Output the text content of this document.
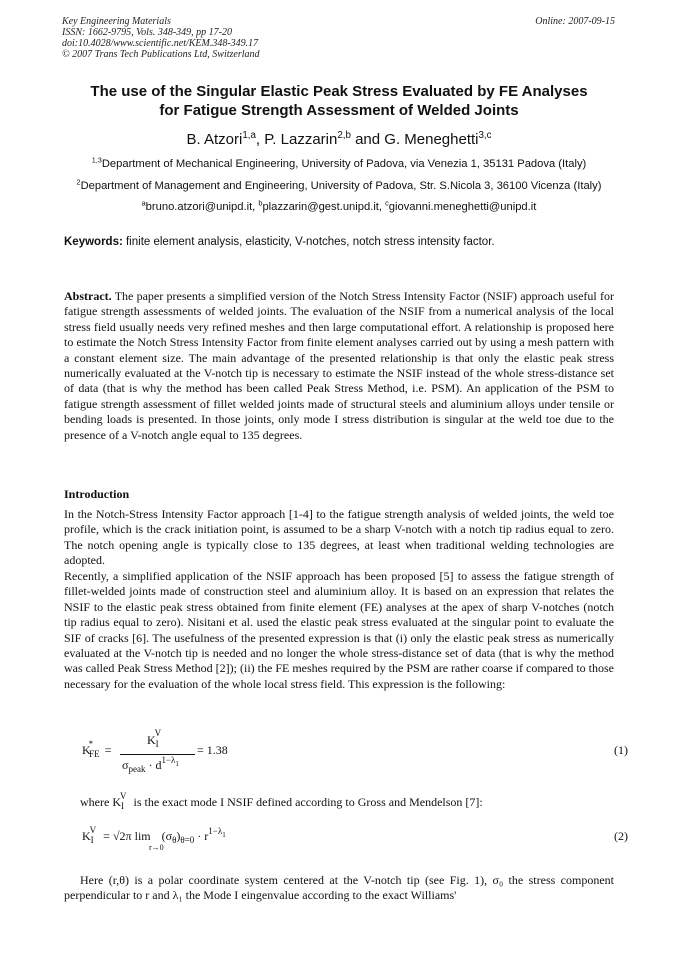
Key Engineering Materials
ISSN: 1662-9795, Vols. 348-349, pp 17-20
doi:10.4028/www.scientific.net/KEM.348-349.17
© 2007 Trans Tech Publications Ltd, Switzerland
Online: 2007-09-15
The use of the Singular Elastic Peak Stress Evaluated by FE Analyses
for Fatigue Strength Assessment of Welded Joints
B. Atzori$^{1,a}$, P. Lazzarin$^{2,b}$ and G. Meneghetti$^{3,c}$
$^{1,3}$Department of Mechanical Engineering, University of Padova, via Venezia 1, 35131 Padova (Italy)
$^2$Department of Management and Engineering, University of Padova, Str. S.Nicola 3, 36100 Vicenza (Italy)
$^a$bruno.atzori@unipd.it, $^b$plazzarin@gest.unipd.it, $^c$giovanni.meneghetti@unipd.it
Keywords: finite element analysis, elasticity, V-notches, notch stress intensity factor.
Abstract. The paper presents a simplified version of the Notch Stress Intensity Factor (NSIF) approach useful for fatigue strength assessments of welded joints. The evaluation of the NSIF from a numerical analysis of the local stress field usually needs very refined meshes and then large computational effort. A relationship is proposed here to estimate the Notch Stress Intensity Factor from finite element analyses carried out by using a mesh pattern with a constant element size. The main advantage of the presented relationship is that only the elastic peak stress numerically evaluated at the V-notch tip is necessary to estimate the NSIF instead of the whole stress-distance set of data (that is why the method has been called Peak Stress Method, i.e. PSM). An application of the PSM to fatigue strength assessment of fillet welded joints made of structural steels and aluminium alloys under tensile or bending loads is presented. In those joints, only mode I stress distribution is singular at the weld toe due to the presence of a V-notch angle equal to 135 degrees.
Introduction
In the Notch-Stress Intensity Factor approach [1-4] to the fatigue strength analysis of welded joints, the weld toe profile, which is the crack initiation point, is assumed to be a sharp V-notch with a notch tip radius equal to zero. The notch opening angle is typically close to 135 degrees, at least when traditional welding technologies are adopted.
Recently, a simplified application of the NSIF approach has been proposed [5] to assess the fatigue strength of fillet-welded joints made of construction steel and aluminium alloy. It is based on an expression that relates the NSIF to the elastic peak stress obtained from finite element (FE) analyses at the apex of sharp V-notches (notch tip radius equal to zero). Nisitani et al. used the elastic peak stress evaluated at the singular point to evaluate the SIF of cracks [6]. The usefulness of the presented expression is that (i) only the elastic peak stress as numerically evaluated at the V-notch tip is needed and no longer the whole stress-distance set of data (that is why the method was called Peak Stress Method [2]); (ii) the FE meshes required by the PSM are rather coarse if compared to those necessary for the evaluation of the whole local stress field. This expression is the following:
$K^*_{FE}$ =
$K_I^V$
$\sigma_{peak} \cdot d^{1-\lambda 1}$
= 1.38	(1)
where $K_I^V$ is the exact mode I NSIF defined according to Gross and Mendelson [7]:
$K_I^V = √2\pi$ $\lim (\sigma_\theta)_{\theta=0} \cdot r^{1-\lambda 1}$
r→0
(2)
Here (r,θ) is a polar coordinate system centered at the V-notch tip (see Fig. 1), σ₀ the stress component perpendicular to r and λ₁ the Mode I eingenvalue according to the exact Williams'
